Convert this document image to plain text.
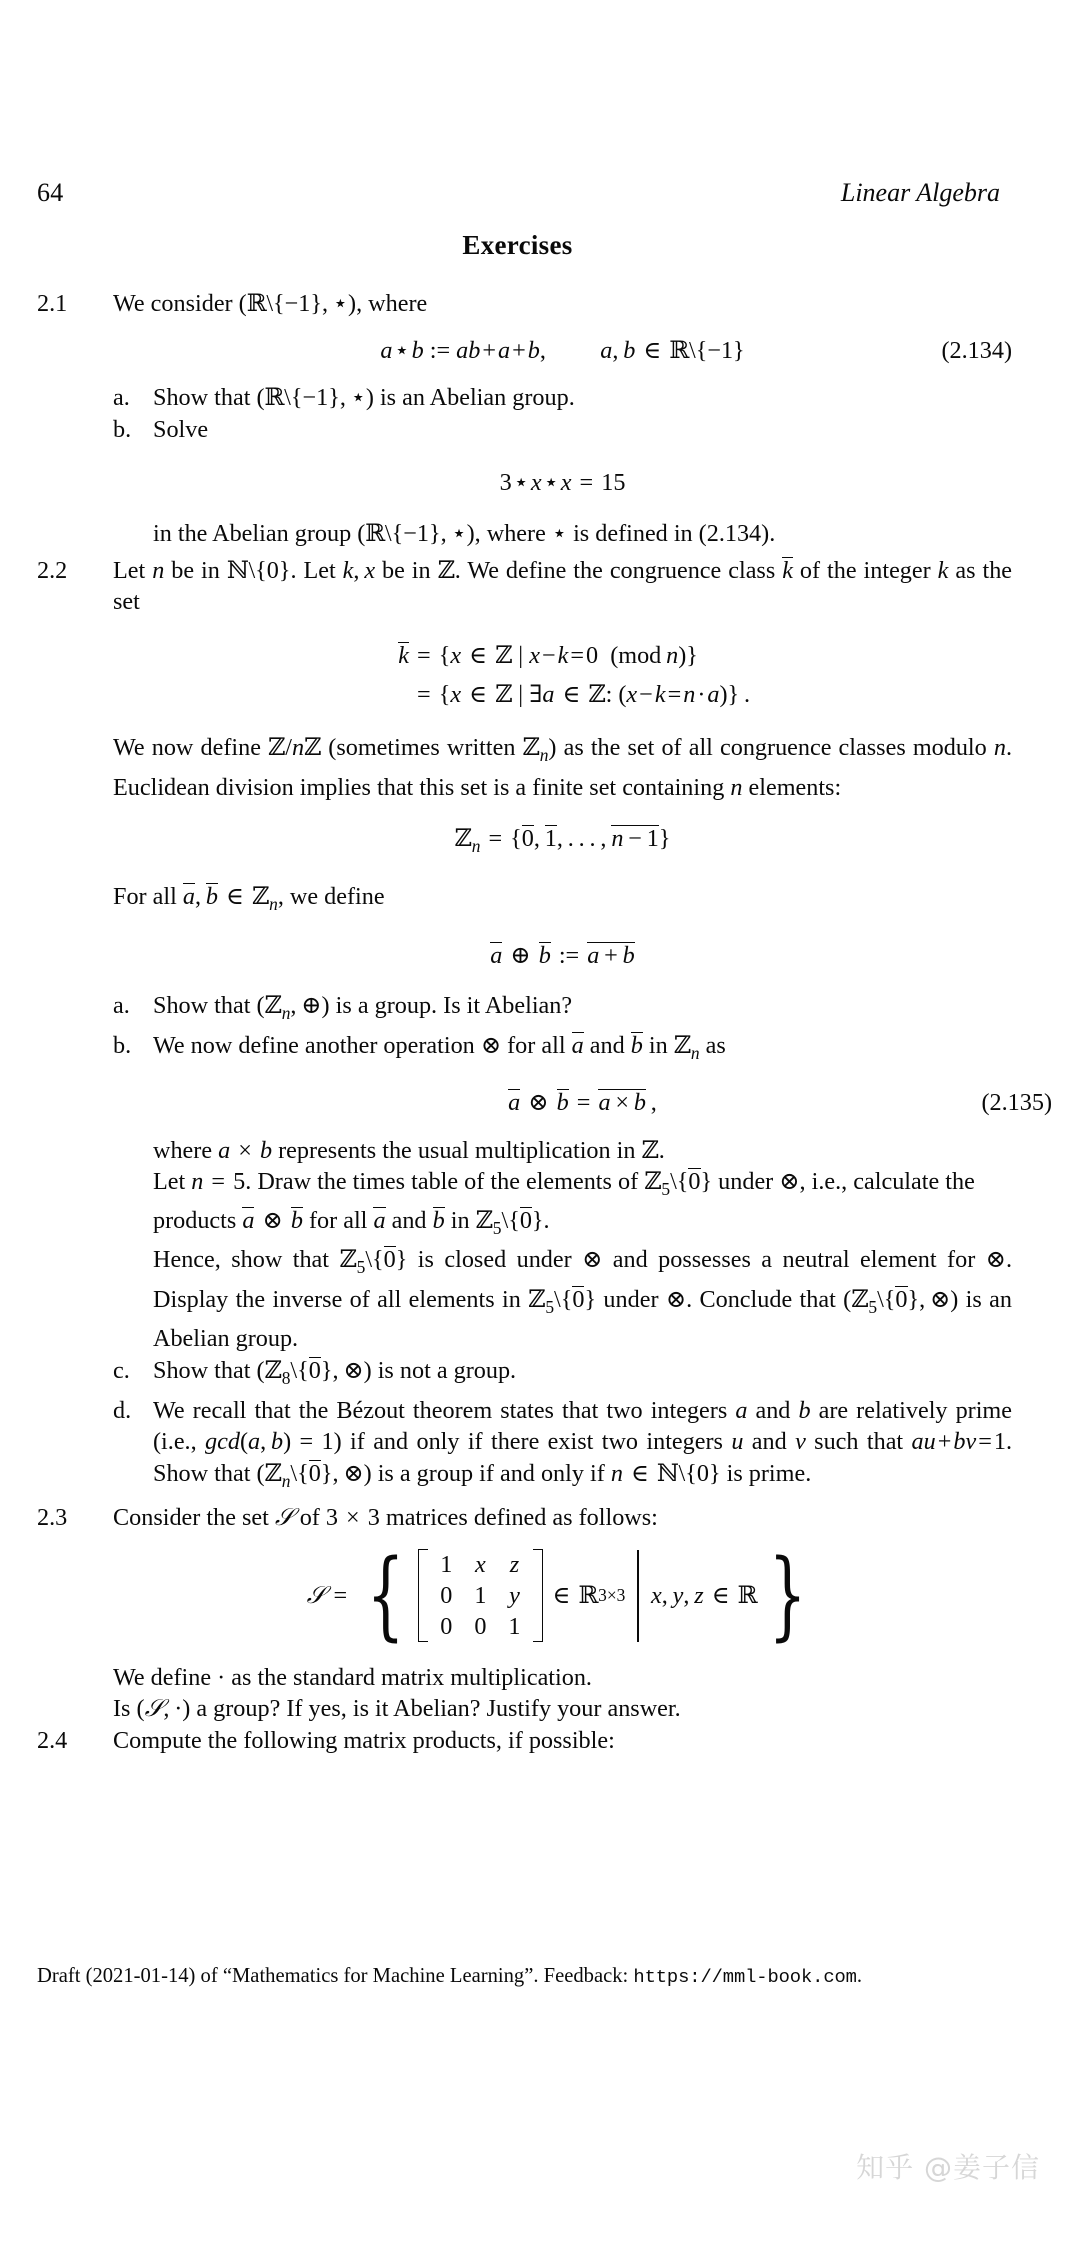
64	Linear Algebra
Exercises
2.1	We consider (ℝ\{−1}, ⋆), where
a⋆b := ab+a+b,         a, b ∈ ℝ\{−1}	(2.134)
a. Show that (ℝ\{−1}, ⋆) is an Abelian group.
b. Solve
3⋆x⋆x = 15
in the Abelian group (ℝ\{−1}, ⋆), where ⋆ is defined in (2.134).
2.2	Let n be in ℕ\{0}. Let k, x be in ℤ. We define the congruence class k of the integer k as the set
k = {x ∈ ℤ | x−k=0  (mod  n)}
= {x ∈ ℤ | ∃a ∈ ℤ: (x−k=n·a)} .
We now define ℤ/nℤ (sometimes written ℤ$_n$) as the set of all congruence classes modulo n. Euclidean division implies that this set is a finite set containing n elements:
ℤ$_n$ = {0, 1, . . . , n − 1}
For all a, b ∈ ℤ$_n$, we define
a ⊕ b := a + b
a. Show that (ℤ$_n$, ⊕) is a group. Is it Abelian?
b. We now define another operation ⊗ for all a and b in ℤ$_n$ as
a ⊗ b = a × b ,	(2.135)
where a × b represents the usual multiplication in ℤ.
Let n = 5. Draw the times table of the elements of ℤ$_5$\{0} under ⊗, i.e., calculate the products a ⊗ b for all a and b in ℤ$_5$\{0}.
Hence, show that ℤ$_5$\{0} is closed under ⊗ and possesses a neutral element for ⊗. Display the inverse of all elements in ℤ$_5$\{0} under ⊗. Conclude that (ℤ$_5$\{0}, ⊗) is an Abelian group.
c. Show that (ℤ$_8$\{0}, ⊗) is not a group.
d. We recall that the Bézout theorem states that two integers a and b are relatively prime (i.e., gcd(a, b) = 1) if and only if there exist two integers u and v such that au+bv=1. Show that (ℤ$_n$\{0}, ⊗) is a group if and only if n ∈ ℕ\{0} is prime.
2.3	Consider the set 𝒮 of 3 × 3 matrices defined as follows:
𝒮 = { 1	x	z
0	1	y
0	0	1
∈ ℝ 3×3 x, y, z ∈ ℝ }
We define · as the standard matrix multiplication.
Is (𝒮, ·) a group? If yes, is it Abelian? Justify your answer.
2.4	Compute the following matrix products, if possible:
Draft (2021-01-14) of “Mathematics for Machine Learning”. Feedback: https://mml-book.com.
知乎 @姜子信
